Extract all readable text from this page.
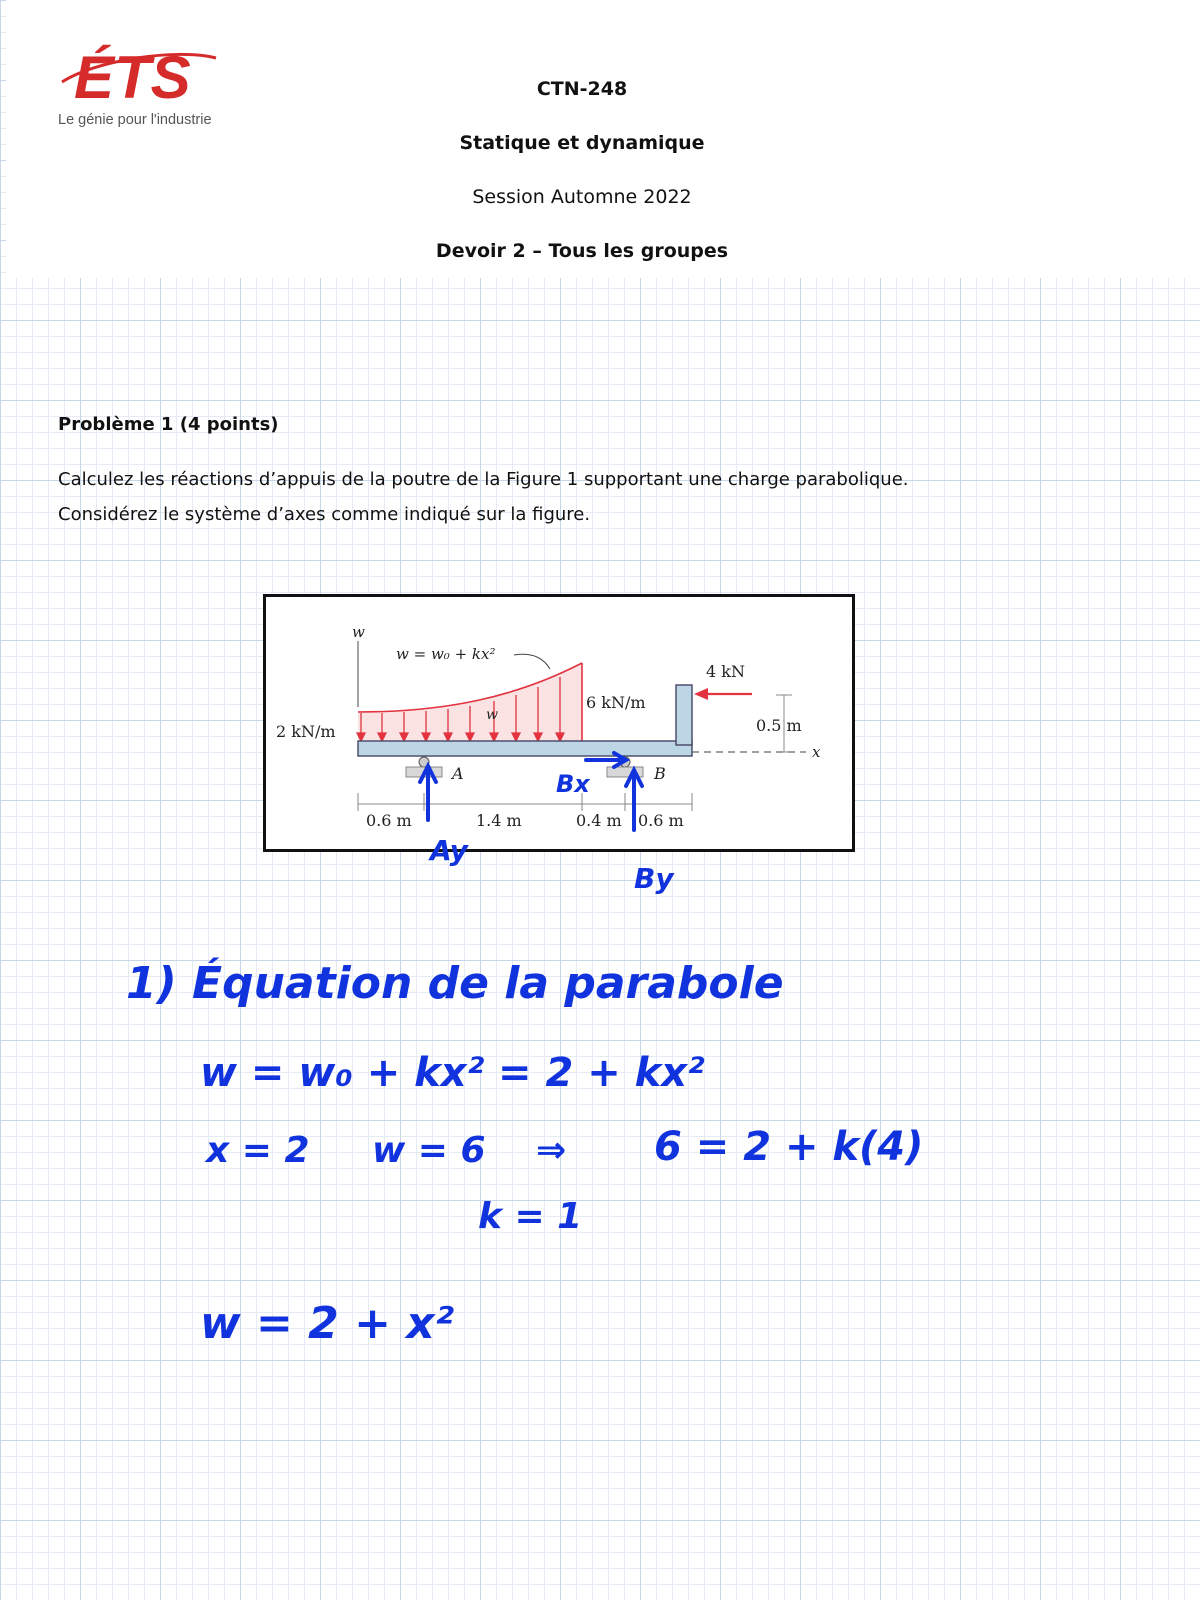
ÉTS
Le génie pour l'industrie
CTN-248
Statique et dynamique
Session Automne 2022
Devoir 2 – Tous les groupes
Problème 1 (4 points)
Calculez les réactions d’appuis de la poutre de la Figure 1 supportant une charge parabolique.
Considérez le système d’axes comme indiqué sur la figure.
w
w = w₀ + kx²
w
2 kN/m
6 kN/m
4 kN
0.5 m
x
A	B
0.6 m	1.4 m	0.4 m 0.6 m
Ay
Bx
By
1) Équation de la parabole
w = w₀ + kx² = 2 + kx²
x = 2 w = 6 ⇒ 6 = 2 + k(4)
k = 1
w = 2 + x²
